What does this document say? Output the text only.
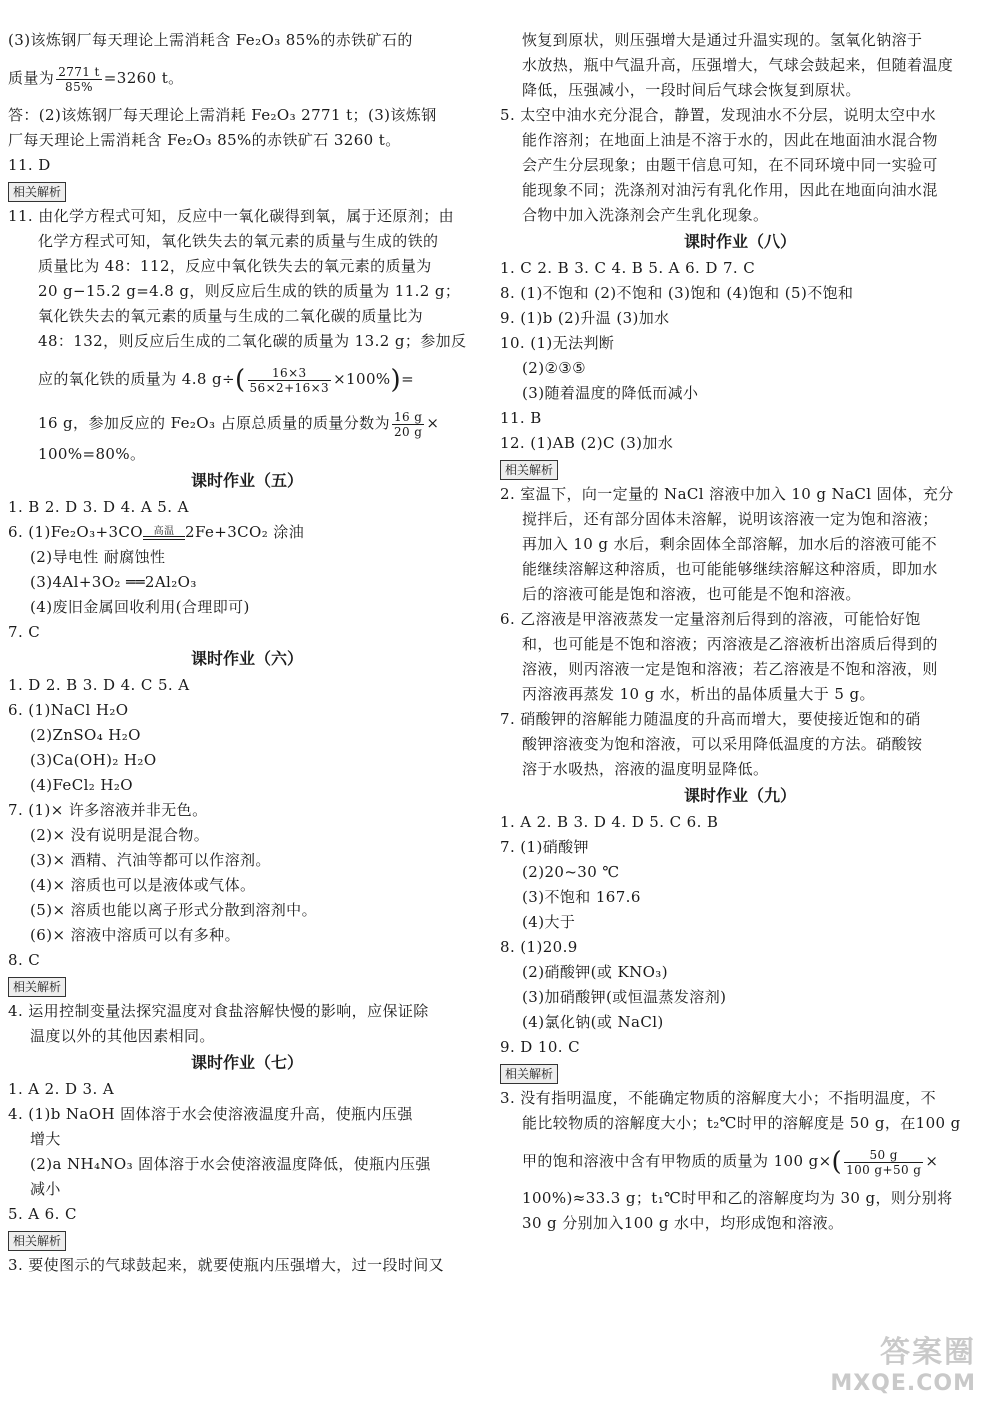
(3)该炼钢厂每天理论上需消耗含 Fe₂O₃ 85%的赤铁矿石的
质量为 $\frac{2771 t}{85\%} =3260$ t。
答：(2)该炼钢厂每天理论上需消耗 Fe₂O₃ 2771 t；(3)该炼钢
厂每天理论上需消耗含 Fe₂O₃ 85%的赤铁矿石 3260 t。
11. D
相关解析
11. 由化学方程式可知，反应中一氧化碳得到氧，属于还原剂；由
化学方程式可知，氧化铁失去的氧元素的质量与生成的铁的
质量比为 48：112，反应中氧化铁失去的氧元素的质量为
20 g−15.2 g=4.8 g，则反应后生成的铁的质量为 11.2 g；
氧化铁失去的氧元素的质量与生成的二氧化碳的质量比为
48：132，则反应后生成的二氧化碳的质量为 13.2 g；参加反
应的氧化铁的质量为 4.8 $g\div( \frac{16\times 3}{56\times 2+16\times 3} \times 100\%)=$
16 g，参加反应的 Fe₂O₃ 占原总质量的质量分数为 $\frac{16 g}{20 g}$ ×
100%=80%。
课时作业（五）
1. B 2. D 3. D 4. A 5. A
6. (1)Fe₂O₃+3CO	高温 2Fe+3CO₂ 涂油
(2)导电性 耐腐蚀性
(3)4Al+3O₂ ══2Al₂O₃
(4)废旧金属回收利用(合理即可)
7. C
课时作业（六）
1. D 2. B 3. D 4. C 5. A
6. (1)NaCl H₂O
(2)ZnSO₄ H₂O
(3)Ca(OH)₂ H₂O
(4)FeCl₂ H₂O
7. (1)× 许多溶液并非无色。
(2)× 没有说明是混合物。
(3)× 酒精、汽油等都可以作溶剂。
(4)× 溶质也可以是液体或气体。
(5)× 溶质也能以离子形式分散到溶剂中。
(6)× 溶液中溶质可以有多种。
8. C
相关解析
4. 运用控制变量法探究温度对食盐溶解快慢的影响，应保证除
温度以外的其他因素相同。
课时作业（七）
1. A 2. D 3. A
4. (1)b NaOH 固体溶于水会使溶液温度升高，使瓶内压强
增大
(2)a NH₄NO₃ 固体溶于水会使溶液温度降低，使瓶内压强
减小
5. A 6. C
相关解析
3. 要使图示的气球鼓起来，就要使瓶内压强增大，过一段时间又
恢复到原状，则压强增大是通过升温实现的。氢氧化钠溶于
水放热，瓶中气温升高，压强增大，气球会鼓起来，但随着温度
降低，压强减小，一段时间后气球会恢复到原状。
5. 太空中油水充分混合，静置，发现油水不分层，说明太空中水
能作溶剂；在地面上油是不溶于水的，因此在地面油水混合物
会产生分层现象；由题干信息可知，在不同环境中同一实验可
能现象不同；洗涤剂对油污有乳化作用，因此在地面向油水混
合物中加入洗涤剂会产生乳化现象。
课时作业（八）
1. C 2. B 3. C 4. B 5. A 6. D 7. C
8. (1)不饱和 (2)不饱和 (3)饱和 (4)饱和 (5)不饱和
9. (1)b (2)升温 (3)加水
10. (1)无法判断
(2)②③⑤
(3)随着温度的降低而减小
11. B
12. (1)AB (2)C (3)加水
相关解析
2. 室温下，向一定量的 NaCl 溶液中加入 10 g NaCl 固体，充分
搅拌后，还有部分固体未溶解，说明该溶液一定为饱和溶液；
再加入 10 g 水后，剩余固体全部溶解，加水后的溶液可能不
能继续溶解这种溶质，也可能能够继续溶解这种溶质，即加水
后的溶液可能是饱和溶液，也可能是不饱和溶液。
6. 乙溶液是甲溶液蒸发一定量溶剂后得到的溶液，可能恰好饱
和，也可能是不饱和溶液；丙溶液是乙溶液析出溶质后得到的
溶液，则丙溶液一定是饱和溶液；若乙溶液是不饱和溶液，则
丙溶液再蒸发 10 g 水，析出的晶体质量大于 5 g。
7. 硝酸钾的溶解能力随温度的升高而增大，要使接近饱和的硝
酸钾溶液变为饱和溶液，可以采用降低温度的方法。硝酸铵
溶于水吸热，溶液的温度明显降低。
课时作业（九）
1. A 2. B 3. D 4. D 5. C 6. B
7. (1)硝酸钾
(2)20~30 ℃
(3)不饱和 167.6
(4)大于
8. (1)20.9
(2)硝酸钾(或 KNO₃)
(3)加硝酸钾(或恒温蒸发溶剂)
(4)氯化钠(或 NaCl)
9. D 10. C
相关解析
3. 没有指明温度，不能确定物质的溶解度大小；不指明温度，不
能比较物质的溶解度大小；t₂℃时甲的溶解度是 50 g，在100 g
甲的饱和溶液中含有甲物质的质量为 100 $g\times( \frac{50 g}{100 g+50 g}$ ×
100%)≈33.3 g；t₁℃时甲和乙的溶解度均为 30 g，则分别将
30 g 分别加入100 g 水中，均形成饱和溶液。
答案圈
MXQE.COM
